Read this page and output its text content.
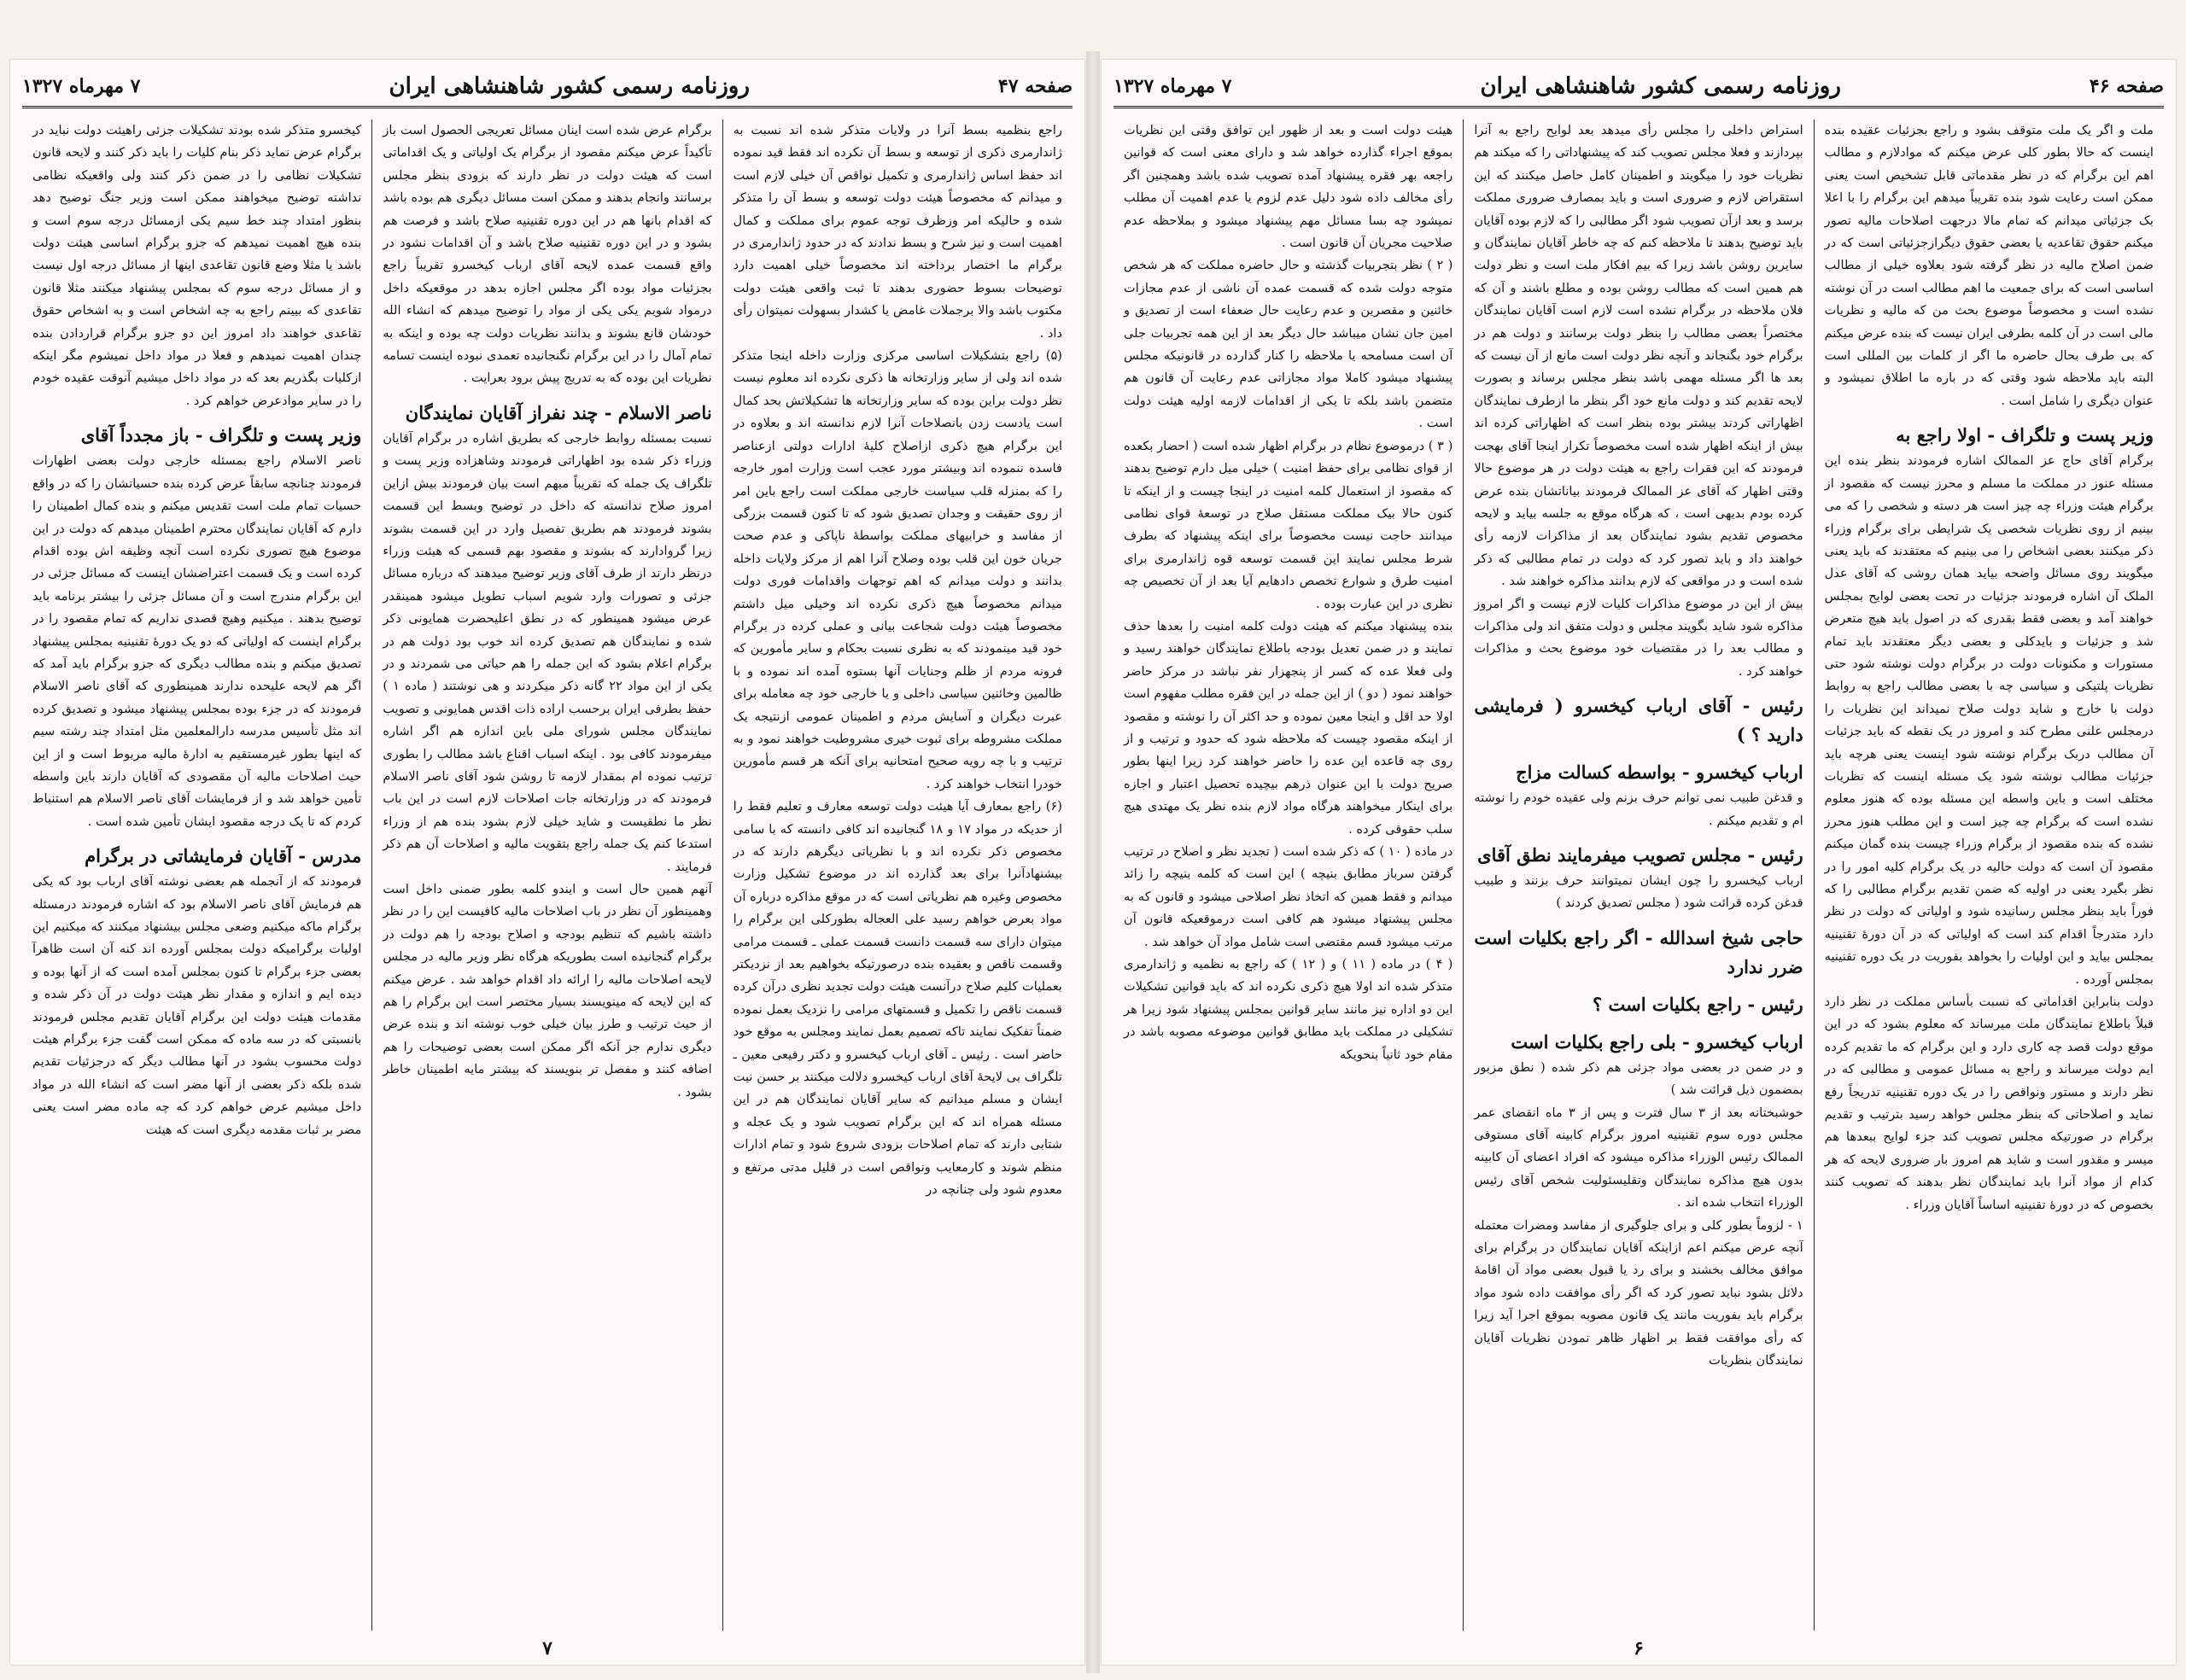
صفحه ۴۷
روزنامه رسمی کشور شاهنشاهی ایران
۷ مهرماه ۱۳۲۷

راجع بنظمیه بسط آنرا در ولایات متذکر شده اند نسبت به ژاندارمری ذکری از توسعه و بسط آن نکرده اند فقط قید نموده اند حفظ اساس ژاندارمری و تکمیل نواقص آن خیلی لازم است و میدانم که مخصوصاً هیئت دولت توسعه و بسط آن را متذکر شده و حالیکه امر وزظرف توجه عموم برای مملکت و کمال اهمیت است و نیز شرح و بسط ندادند که در حدود ژاندارمری در برگرام ما اختصار برداخته اند مخصوصاً خیلی اهمیت دارد توضیحات بسوط حضوری بدهند تا ثبت واقعی هیئت دولت مکتوب باشد والا برجملات غامض یا کشدار بسهولت نمیتوان رأی داد .

(۵) راجع بتشکیلات اساسی مرکزی وزارت داخله اینجا متذکر شده اند ولی از سایر وزارتخانه ها ذکری نکرده اند معلوم نیست نظر دولت براین بوده که سایر وزارتخانه ها تشکیلاتش بحد کمال است یادست زدن بانصلاحات آنرا لازم ندانسته اند و بعلاوه در این برگرام هیچ ذکری ازاصلاح کلیهٔ ادارات دولتی ازعناصر فاسده ننموده اند وبیشتر مورد عجب است وزارت امور خارجه را که بمنزله قلب سیاست خارجی مملکت است راجع باین امر از روی حقیقت و وجدان تصدیق شود که تا کنون قسمت بزرگی از مفاسد و خرابیهای مملکت بواسطهٔ ناپاکی و عدم صحت جریان خون این قلب بوده وصلاح آنرا اهم از مرکز ولایات داخله بدانند و دولت میدانم که اهم توجهات واقدامات فوری دولت میدانم مخصوصاً هیچ ذکری نکرده اند وخیلی میل داشتم مخصوصاً هیئت دولت شجاعت بیانی و عملی کرده در برگرام خود قید مینمودند که به نظری نسبت بحکام و سایر مأمورین که فرونه مردم از ظلم وجنایات آنها بستوه آمده اند نموده و با ظالمین وخائنین سیاسی داخلی و یا خارجی خود چه معامله برای عبرت دیگران و آسایش مردم و اطمینان عمومی ازنتیجه یک مملکت مشروطه برای ثبوت خیری مشروطیت خواهند نمود و به ترتیب و با چه رویه صحیح امتحانیه برای آنکه هر قسم مأمورین خودرا انتخاب خواهند کرد .

(۶) راجع بمعارف آیا هیئت دولت توسعه معارف و تعلیم فقط را از حدیکه در مواد ۱۷ و ۱۸ گنجانیده اند کافی دانسته که با سامی مخصوص ذکر نکرده اند و با نظریاتی دیگرهم دارند که در بیشنهادآنرا برای بعد گذارده اند در موضوع تشکیل وزارت مخصوص وغیره هم نظریاتی است که در موقع مذاکره درباره آن مواد بعرض خواهم رسید علی العجاله بطورکلی این برگرام را میتوان دارای سه قسمت دانست قسمت عملی ـ قسمت مرامی وقسمت ناقص و بعقیده بنده درصورتیکه بخواهیم بعد از نزدیکتر بعملیات کلیم صلاح درآنست هیئت دولت تجدید نظری درآن کرده قسمت ناقص را تکمیل و قسمتهای مرامی را نزدیک بعمل نموده ضمناً تفکیک نمایند تاکه تصمیم بعمل نمایند ومجلس به موقع خود حاضر است . رئیس ـ آقای ارباب کیخسرو و دکتر رفیعی معین ـ تلگراف بی لایحهٔ آقای ارباب کیخسرو دلالت میکنند بر حسن نیت ایشان و مسلم میدانیم که سایر آقایان نمایندگان هم در این مسئله همراه اند که این برگرام تصویب شود و یک عجله و شتابی دارند که تمام اصلاحات بزودی شروع شود و تمام ادارات منظم شوند و کارمعایب ونواقص است در قلیل مدتی مرتفع و معدوم شود ولی چنانچه در

برگرام عرض شده است اینان مسائل تعریجی الحصول است باز تأکیداً عرض میکنم مقصود از برگرام یک اولیاتی و یک اقداماتی است که هیئت دولت در نظر دارند که بزودی بنظر مجلس برسانند وانجام بدهند و ممکن است مسائل دیگری هم بوده باشد که اقدام بانها هم در این دوره تقنینیه صلاح باشد و فرصت هم بشود و در این دوره تقنینیه صلاح باشد و آن اقدامات نشود در واقع قسمت عمده لایحه آقای ارباب کیخسرو تقریباً راجع بجزئیات مواد بوده اگر مجلس اجازه بدهد در موقعیکه داخل درمواد شویم یکی یکی از مواد را توضیح میدهم که انشاء الله خودشان قانع بشوند و بدانند نظریات دولت چه بوده و اینکه به تمام آمال را در این برگرام نگنجانیده تعمدی نبوده اینست تسامه نظریات این بوده که به تدریج پیش برود بعرایت .

ناصر الاسلام - چند نفراز آقایان نمایندگان

نسبت بمسئله روابط خارجی که بطریق اشاره در برگرام آقایان وزراء ذکر شده بود اظهاراتی فرمودند وشاهزاده وزیر پست و تلگراف یک جمله که تقریباً مبهم است بیان فرمودند بیش ازاین امروز صلاح ندانسته که داخل در توضیح وبسط این قسمت بشوند فرمودند هم بطریق تفصیل وارد در این قسمت بشوند زیرا گروادارند که بشوند و مقصود بهم قسمی که هیئت وزراء درنظر دارند از طرف آقای وزیر توضیح میدهند که درباره مسائل جزئی و تصورات وارد شویم اسباب تطویل میشود همینقدر عرض میشود همینطور که در نطق اعلیحضرت همایونی ذکر شده و نمایندگان هم تصدیق کرده اند خوب بود دولت هم در برگرام اعلام بشود که این جمله را هم حیاتی می شمردند و در یکی از این مواد ۲۲ گانه ذکر میکردند و هی نوشتند ( ماده ۱ ) حفظ بطرفی ایران برحسب اراده ذات اقدس همایونی و تصویب نمایندگان مجلس شورای ملی باین اندازه هم اگر اشاره میفرمودند کافی بود . اینکه اسباب اقناع باشد مطالب را بطوری ترتیب نموده ام بمقدار لازمه تا روشن شود آقای ناصر الاسلام فرمودند که در وزارتخانه جات اصلاحات لازم است در این باب نظر ما نطقیست و شاید خیلی لازم بشود بنده هم از وزراء استدعا کنم یک جمله راجع بتقویت مالیه و اصلاحات آن هم ذکر فرمایند .

آنهم همین حال است و ایندو کلمه بطور ضمنی داخل است وهمینطور آن نظر در باب اصلاحات مالیه کافیست این را در نظر داشته باشیم که تنظیم بودجه و اصلاح بودجه را هم دولت در برگرام گنجانیده است بطوریکه هرگاه نظر وزیر مالیه در مجلس لایحه اصلاحات مالیه را ارائه داد اقدام خواهد شد . عرض میکنم که این لایحه که مینویسند بسیار مختصر است این برگرام را هم از حیث ترتیب و طرز بیان خیلی خوب نوشته اند و بنده عرض دیگری ندارم جز آنکه اگر ممکن است بعضی توضیحات را هم اضافه کنند و مفصل تر بنویسند که بیشتر مایه اطمینان خاطر بشود .

کیخسرو متذکر شده بودند تشکیلات جزئی راهیئت دولت نباید در برگرام عرض نماید ذکر بنام کلیات را باید ذکر کنند و لایحه قانون تشکیلات نظامی را در ضمن ذکر کنند ولی واقعیکه نظامی نداشته توضیح میخواهند ممکن است وزیر جنگ توضیح دهد بنظور امتداد چند خط سیم یکی ازمسائل درجه سوم است و بنده هیچ اهمیت نمیدهم که جزو برگرام اساسی هیئت دولت باشد یا مثلا وضع قانون تقاعدی اینها از مسائل درجه اول نیست و از مسائل درجه سوم که بمجلس پیشنهاد میکنند مثلا قانون تقاعدی که بیینم راجع به چه اشخاص است و به اشخاص حقوق تقاعدی خواهند داد امروز این دو جزو برگرام قراردادن بنده چندان اهمیت نمیدهم و فعلا در مواد داخل نمیشوم مگر اینکه ازکلیات بگذریم بعد که در مواد داخل میشیم آنوقت عقیده خودم را در سایر موادعرض خواهم کرد .

وزیر پست و تلگراف - باز مجدداً آقای

ناصر الاسلام راجع بمسئله خارجی دولت بعضی اظهارات فرمودند چنانچه سابقاً عرض کرده بنده حسیاتشان را که در واقع حسیات تمام ملت است تقدیس میکنم و بنده کمال اطمینان را دارم که آقایان نمایندگان محترم اطمینان میدهم که دولت در این موضوع هیچ تصوری نکرده است آنچه وظیفه اش بوده اقدام کرده است و یک قسمت اعتراضشان اینست که مسائل جزئی در این برگرام مندرج است و آن مسائل جزئی را بیشتر برنامه باید توضیح بدهند . میکنیم وهیچ قصدی نداریم که تمام مقصود را در برگرام اینست که اولیاتی که دو یک دورهٔ تقنینیه بمجلس پیشنهاد تصدیق میکنم و بنده مطالب دیگری که جزو برگرام باید آمد که اگر هم لایحه علیحده ندارند همینطوری که آقای ناصر الاسلام فرمودند که در جزء بوده بمجلس پیشنهاد میشود و تصدیق کرده اند مثل تأسیس مدرسه دارالمعلمین مثل امتداد چند رشته سیم که اینها بطور غیرمستقیم به ادارهٔ مالیه مربوط است و از این حیث اصلاحات مالیه آن مقصودی که آقایان دارند باین واسطه تأمین خواهد شد و از فرمایشات آقای ناصر الاسلام هم استنباط کردم که تا یک درجه مقصود ایشان تأمین شده است .

مدرس - آقایان فرمایشاتی در برگرام

فرمودند که از آنجمله هم بعضی نوشته آقای ارباب بود که یکی هم فرمایش آقای ناصر الاسلام بود که اشاره فرمودند درمسئله برگرام ماکه میکنیم وضعی مجلس بیشنهاد میکنند که میکنیم این اولیات برگرامیکه دولت بمجلس آورده اند کنه آن است ظاهرآ بعضی جزء برگرام تا کنون بمجلس آمده است که از آنها بوده و دیده ایم و اندازه و مقدار نظر هیئت دولت در آن ذکر شده و مقدمات هیئت دولت این برگرام آقایان تقدیم مجلس فرمودند بانسبتی که در سه ماده که ممکن است گفت جزء برگرام هیئت دولت محسوب بشود در آنها مطالب دیگر که درجزئیات تقدیم شده بلکه ذکر بعضی از آنها مضر است که انشاء الله در مواد داخل میشیم عرض خواهم کرد که چه ماده مضر است یعنی مضر بر ثبات مقدمه دیگری است که هیئت

۷
صفحه ۴۶
روزنامه رسمی کشور شاهنشاهی ایران
۷ مهرماه ۱۳۲۷

ملت و اگر یک ملت متوقف بشود و راجع بجزئیات عقیده بنده اینست که حالا بطور کلی عرض میکنم که موادلازم و مطالب اهم این برگرام که در نظر مقدماتی قابل تشخیص است یعنی ممکن است رعایت شود بنده تقریباً میدهم این برگرام را با اعلا بک جزئیاتی میدانم که تمام مالا درجهت اصلاحات مالیه تصور میکنم حقوق تقاعدیه یا بعضی حقوق دیگرازجزئیاتی است که در ضمن اصلاح مالیه در نظر گرفته شود بعلاوه خیلی از مطالب اساسی است که برای جمعیت ما اهم مطالب است در آن نوشته نشده است و مخصوصاً موضوع بحث من که مالیه و نظریات مالی است در آن کلمه بطرفی ایران نیست که بنده عرض میکنم که بی طرف بحال حاضره ما اگر از کلمات بین المللی است البته باید ملاحظه شود وقتی که در باره ما اطلاق نمیشود و عنوان دیگری را شامل است .

وزیر پست و تلگراف - اولا راجع به

برگرام آقای حاج عز الممالک اشاره فرمودند بنظر بنده این مسئله عنوز در مملکت ما مسلم و محرز نیست که مقصود از برگرام هیئت وزراء چه چیز است هر دسته و شخصی را که می بینیم از روی نظریات شخصی یک شرایطی برای برگرام وزراء ذکر میکنند بعضی اشخاص را می بینیم که معتقدند که باید یعنی میگویند روی مسائل واضحه بیاید همان روشی که آقای عدل الملک آن اشاره فرمودند جزئیات در تحت بعضی لوایح بمجلس خواهند آمد و بعضی فقط بقدری که در اصول باید هیچ متعرض شد و جزئیات و بایدکلی و بعضی دیگر معتقدند باید تمام مستورات و مکنونات دولت در برگرام دولت نوشته شود حتی نظریات پلتیکی و سیاسی چه با بعضی مطالب راجع به روابط دولت با خارج و شاید دولت صلاح نمیداند این نظریات را درمجلس علنی مطرح کند و امروز در یک نقطه که باید جزئیات آن مطالب دربک برگرام نوشته شود اینست یعنی هرچه باید جزئیات مطالب نوشته شود یک مسئله اینست که نظریات مختلف است و باین واسطه این مسئله بوده که هنوز معلوم نشده است که برگرام چه چیز است و این مطلب هنوز محرز نشده که بنده مقصود از برگرام وزراء چیست بنده گمان میکنم مقصود آن است که دولت حالیه در یک برگرام کلیه امور را در نظر بگیرد یعنی در اولیه که ضمن تقدیم برگرام مطالبی را که فوراً باید بنظر مجلس رسانیده شود و اولیاتی که دولت در نظر دارد متدرجاً اقدام کند است که اولیاتی که در آن دورهٔ تقنینیه بمجلس بیاید و این اولیات را بخواهد بفوریت در یک دوره تقنینیه بمجلس آورده .

دولت بنابراین اقداماتی که نسبت بأساس مملکت در نظر دارد قبلاً باطلاع نمایندگان ملت میرساند که معلوم بشود که در این موقع دولت قصد چه کاری دارد و این برگرام که ما تقدیم کرده ایم دولت میرساند و راجع به مسائل عمومی و مطالبی که در نظر دارند و مستور ونواقص را در یک دوره تقنینیه تدریجاً رفع نماید و اصلاحاتی که بنظر مجلس خواهد رسید بترتیب و تقدیم برگرام در صورتیکه مجلس تصویب کند جزء لوایح ببعدها هم میسر و مقدور است و شاید هم امروز بار ضروری لایحه که هر کدام از مواد آنرا باید نمایندگان نظر بدهند که تصویب کنند بخصوص که در دورهٔ تقنینیه اساساً آقایان وزراء .

استراض داخلی را مجلس رأی میدهد بعد لوایح راجع به آنرا بپردازند و فعلا مجلس تصویب کند که پیشنهاداتی را که میکند هم نظریات خود را میگویند و اطمینان کامل حاصل میکنند که این استقراض لازم و ضروری است و باید بمصارف ضروری مملکت برسد و بعد ازآن تصویب شود اگر مطالبی را که لازم بوده آقایان باید توضیح بدهند تا ملاحظه کنم که چه خاطر آقایان نمایندگان و سایرین روشن باشد زیرا که بیم افکار ملت است و نظر دولت هم همین است که مطالب روشن بوده و مطلع باشند و آن که فلان ملاحظه در برگرام نشده است لازم است آقایان نمایندگان مختصراً بعضی مطالب را بنظر دولت برسانند و دولت هم در برگرام خود بگنجاند و آنچه نظر دولت است مانع از آن نیست که بعد ها اگر مسئله مهمی باشد بنظر مجلس برساند و بصورت لایحه تقدیم کند و دولت مانع خود اگر بنظر ما ازطرف نمایندگان اظهاراتی کردند بیشتر بوده بنظر است که اظهاراتی کرده اند بیش از اینکه اظهار شده است مخصوصاً تکرار اینجا آقای بهجت فرمودند که این فقرات راجع به هیئت دولت در هر موضوع حالا وقتی اظهار که آقای عز الممالک فرمودند بیاناتشان بنده عرض کرده بودم بدیهی است ، که هرگاه موقع به جلسه بیاید و لایحه مخصوص تقدیم بشود نمایندگان بعد از مذاکرات لازمه رأی خواهند داد و باید تصور کرد که دولت در تمام مطالبی که ذکر شده است و در مواقعی که لازم بدانند مذاکره خواهند شد .

بیش از این در موضوع مذاکرات کلیات لازم نیست و اگر امروز مذاکره شود شاید بگویند مجلس و دولت متفق اند ولی مذاکرات و مطالب بعد را در مقتضیات خود موضوع بحث و مذاکرات خواهند کرد .

رئیس - آقای ارباب کیخسرو ( فرمایشی دارید ؟ )

ارباب کیخسرو - بواسطه کسالت مزاج

و قدغن طبیب نمی توانم حرف بزنم ولی عقیده خودم را نوشته ام و تقدیم میکنم .

رئیس - مجلس تصویب میفرمایند نطق آقای

ارباب کیخسرو را چون ایشان نمیتوانند حرف بزنند و طبیب قدغن کرده قرائت شود ( مجلس تصدیق کردند )

حاجی شیخ اسدالله - اگر راجع بکلیات است ضرر ندارد

رئیس - راجع بکلیات است ؟

ارباب کیخسرو - بلی راجع بکلیات است

و در ضمن در بعضی مواد جزئی هم ذکر شده ( نطق مزبور بمضمون ذیل قرائت شد )

خوشبختانه بعد از ۳ سال فترت و پس از ۳ ماه انقضای عمر مجلس دوره سوم تقنینیه امروز برگرام کابینه آقای مستوفی الممالک رئیس الوزراء مذاکره میشود که افراد اعضای آن کابینه بدون هیچ مذاکره نمایندگان وتقلیسئولیت شخص آقای رئیس الوزراء انتخاب شده اند .

۱ - لزوماً بطور کلی و برای جلوگیری از مفاسد ومضرات معتمله آنچه عرض میکنم اعم ازاینکه آقایان نمایندگان در برگرام برای موافق مخالف بخشند و برای رد یا قبول بعضی مواد آن اقامهٔ دلائل بشود نباید تصور کرد که اگر رأی موافقت داده شود مواد برگرام باید بفوریت مانند یک قانون مصوبه بموقع اجرا آید زیرا که رأی موافقت فقط بر اظهار ظاهر نمودن نظریات آقایان نمایندگان بنظریات

هیئت دولت است و بعد از ظهور این توافق وقتی این نظریات بموقع اجراء گذارده خواهد شد و دارای معنی است که قوانین راجعه بهر فقره پیشنهاد آمده تصویب شده باشد وهمچنین اگر رأی مخالف داده شود دلیل عدم لزوم یا عدم اهمیت آن مطلب نمیشود چه بسا مسائل مهم پیشنهاد میشود و بملاحظه عدم صلاحیت مجریان آن قانون است .

( ۲ ) نظر بتجربیات گذشته و حال حاضره مملکت که هر شخص متوجه دولت شده که قسمت عمده آن ناشی از عدم مجازات خائنین و مقصرین و عدم رعایت حال ضعفاء است از تصدیق و امین جان نشان میباشد حال دیگر بعد از این همه تجربیات جلی آن است مسامحه یا ملاحظه را کنار گذارده در قانونیکه مجلس پیشنهاد میشود کاملا مواد مجازاتی عدم رعایت آن قانون هم متضمن باشد بلکه تا یکی از اقدامات لازمه اولیه هیئت دولت است .

( ۳ ) درموضوع نظام در برگرام اظهار شده است ( احضار بکعده از قوای نظامی برای حفظ امنیت ) خیلی میل دارم توضیح بدهند که مقصود از استعمال کلمه امنیت در اینجا چیست و از اینکه تا کنون حالا بیک مملکت مستقل صلاح در توسعهٔ قوای نظامی میدانند حاجت نیست مخصوصاً برای اینکه پیشنهاد که بطرف شرط مجلس نمایند این قسمت توسعه قوه ژاندارمری برای امنیت طرق و شوارع تخصص دادهایم آیا بعد از آن تخصیص چه نظری در این عبارت بوده .

بنده پیشنهاد میکنم که هیئت دولت کلمه امنیت را بعدها حذف نمایند و در ضمن تعدیل بودجه باطلاع نمایندگان خواهند رسید و ولی فعلا عده که کسر از پنجهزار نفر نباشد در مرکز حاضر خواهند نمود ( دو ) از این جمله در این فقره مطلب مفهوم است اولا حد اقل و اینجا معین نموده و حد اکثر آن را نوشته و مقصود از اینکه مقصود چیست که ملاحظه شود که حدود و ترتیب و از روی چه قاعده این عده را حاضر خواهند کرد زیرا اینها بطور صریح دولت با این عنوان ذرهم بیچیده تحصیل اعتبار و اجازه برای اینکار میخواهند هرگاه مواد لازم بنده نظر یک مهتدی هیچ سلب حقوقی کرده .

در ماده ( ۱۰ ) که ذکر شده است ( تجدید نظر و اصلاح در ترتیب گرفتن سرباز مطابق بنیچه ) این است که کلمه بنیچه را زائد میدانم و فقط همین که اتخاذ نظر اصلاحی میشود و قانون که به مجلس پیشنهاد میشود هم کافی است درموقعیکه قانون آن مرتب میشود قسم مقتضی است شامل مواد آن خواهد شد .

( ۴ ) در ماده ( ۱۱ ) و ( ۱۲ ) که راجع به نظمیه و ژاندارمری متذکر شده اند اولا هیچ ذکری نکرده اند که باید قوانین تشکیلات این دو اداره نیز مانند سایر قوانین بمجلس پیشنهاد شود زیرا هر تشکیلی در مملکت باید مطابق قوانین موضوعه مصوبه باشد در مقام خود ثانیاً بنحویکه

۶
